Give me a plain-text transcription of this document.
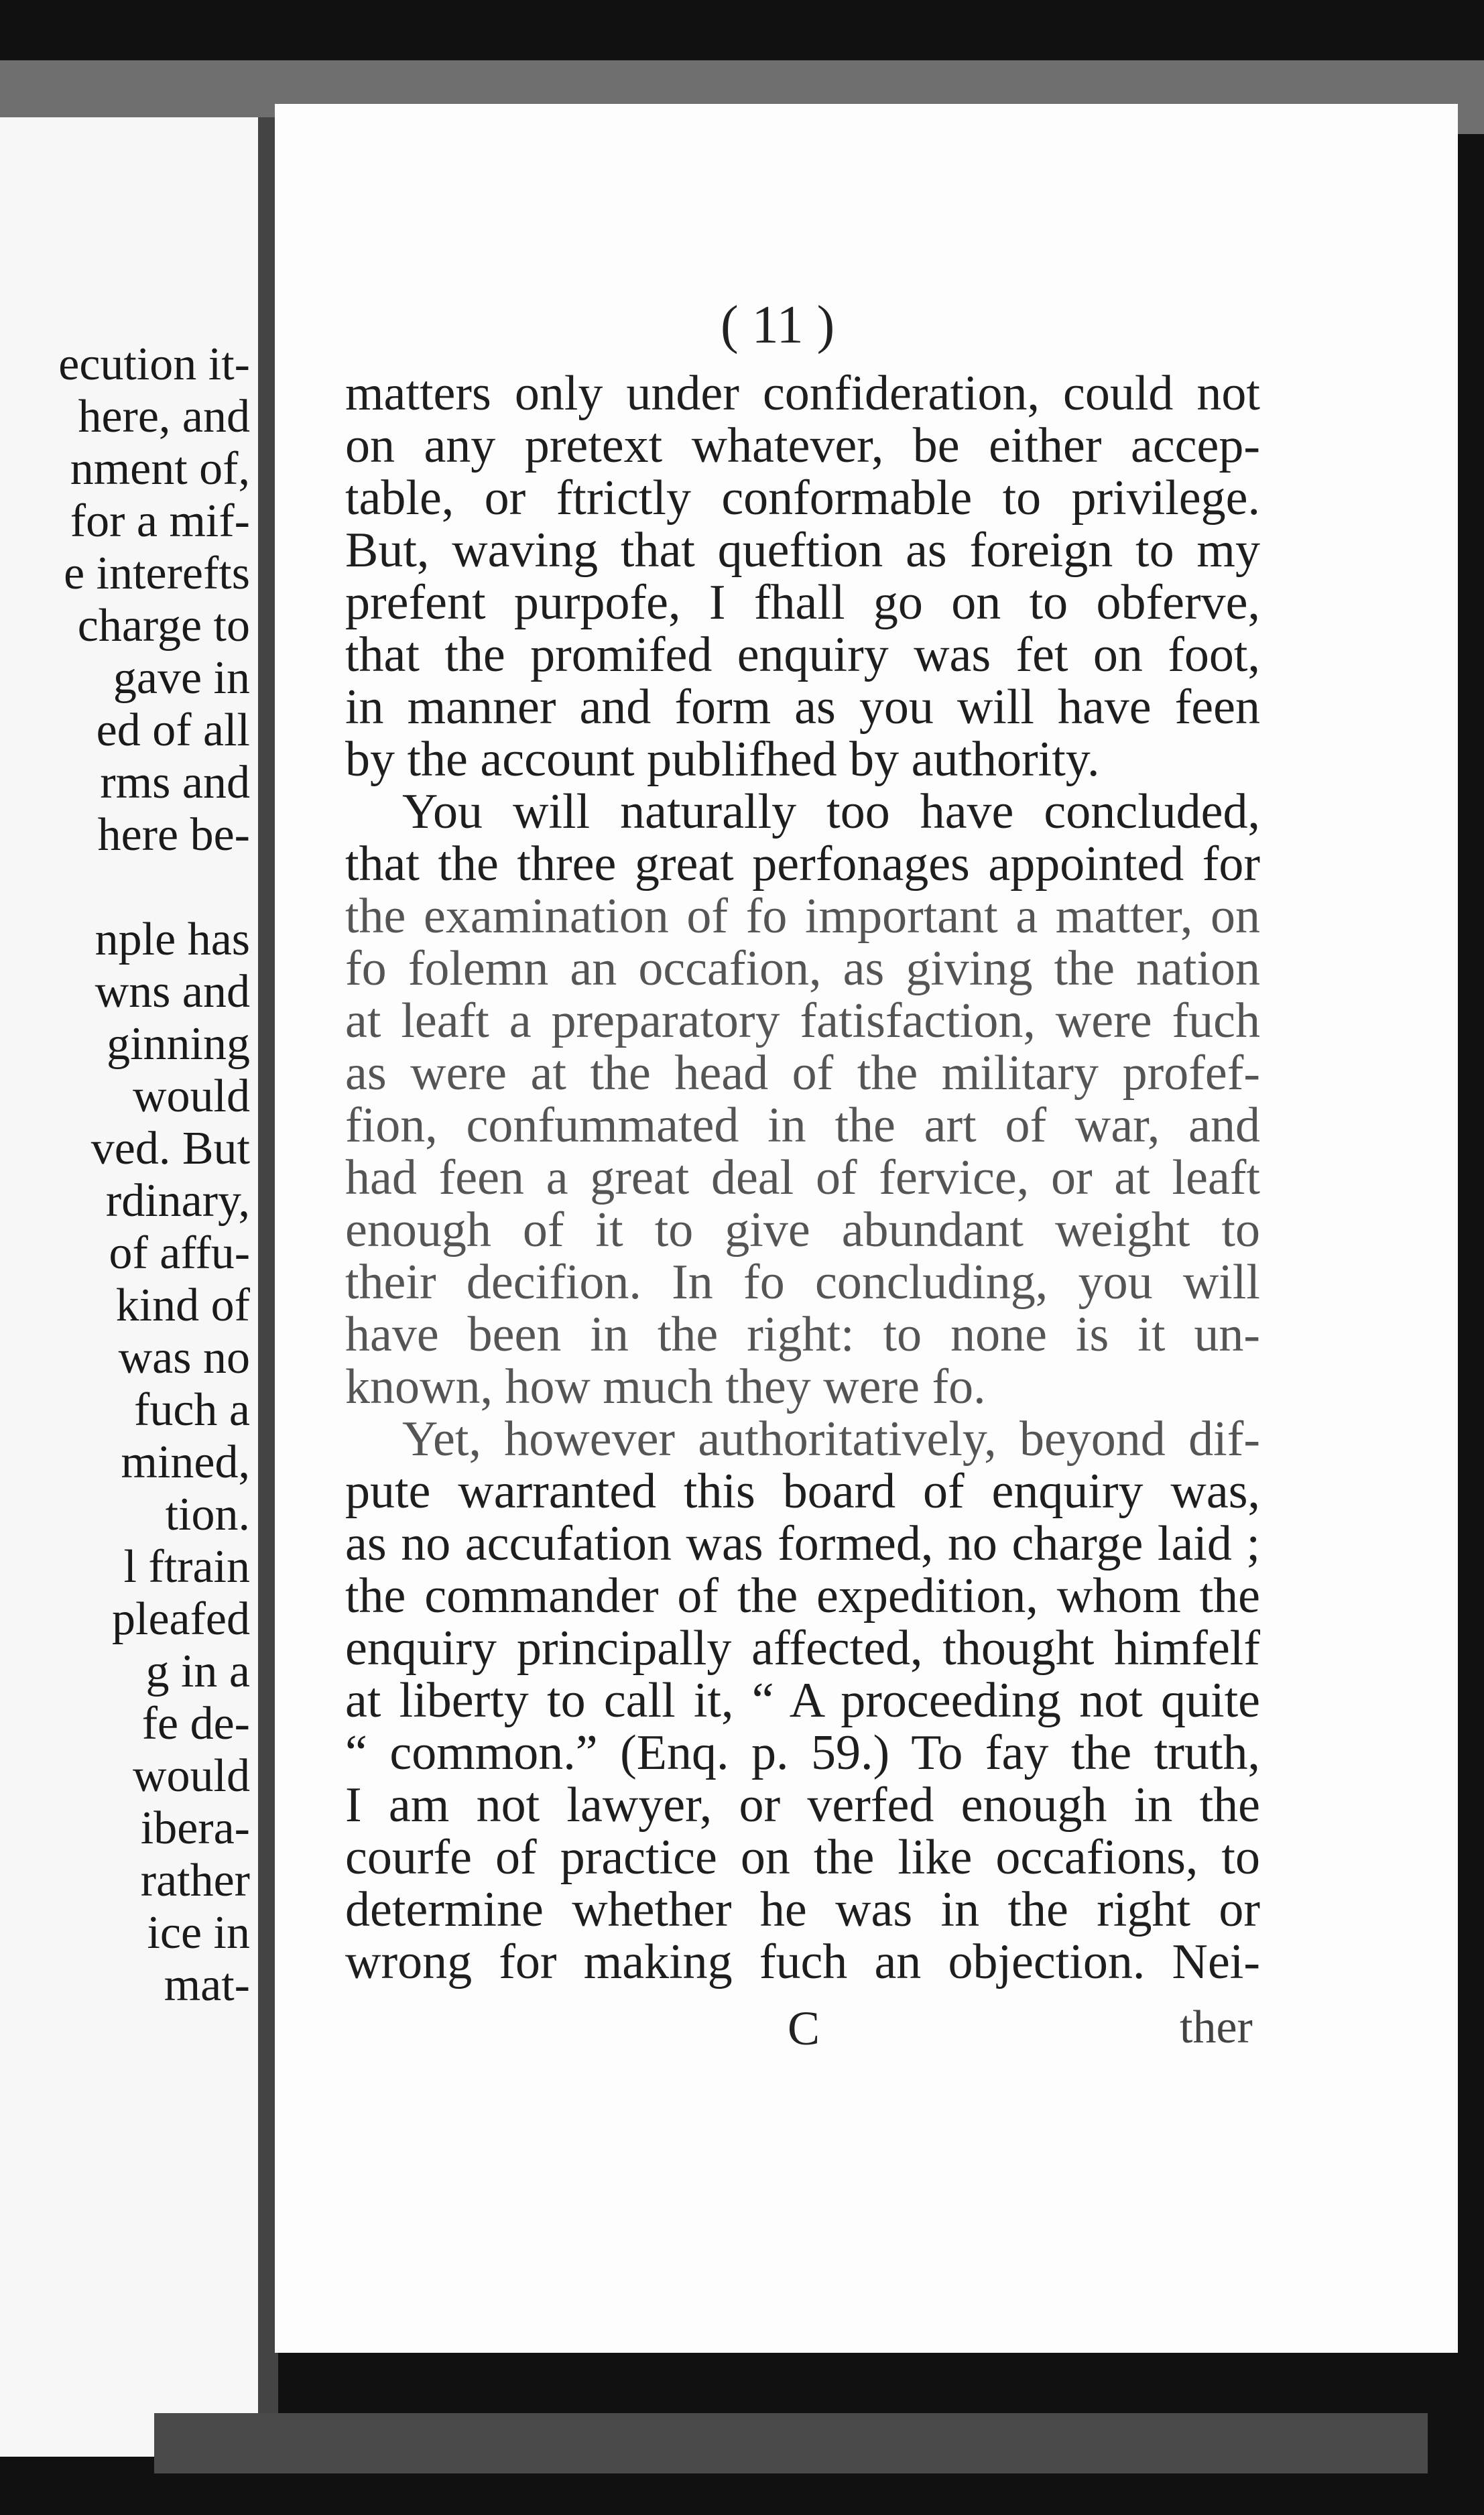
ecution it-
here, and
nment of,
for a mif-
e interefts
charge to
gave in
ed of all
rms and
here be-
nple has
wns and
ginning
would
ved. But
rdinary,
of affu-
kind of
was no
fuch a
mined,
tion.
l ftrain
pleafed
g in a
fe de-
would
ibera-
rather
ice in
mat-
( 11 )
matters only under confideration, could not
on any pretext whatever, be either accep-
table, or ftrictly conformable to privilege.
But, waving that queftion as foreign to my
prefent purpofe, I fhall go on to obferve,
that the promifed enquiry was fet on foot,
in manner and form as you will have feen
by the account publifhed by authority.
You will naturally too have concluded,
that the three great perfonages appointed for
the examination of fo important a matter, on
fo folemn an occafion, as giving the nation
at leaft a preparatory fatisfaction, were fuch
as were at the head of the military profef-
fion, confummated in the art of war, and
had feen a great deal of fervice, or at leaft
enough of it to give abundant weight to
their decifion. In fo concluding, you will
have been in the right: to none is it un-
known, how much they were fo.
Yet, however authoritatively, beyond dif-
pute warranted this board of enquiry was,
as no accufation was formed, no charge laid ;
the commander of the expedition, whom the
enquiry principally affected, thought himfelf
at liberty to call it, “ A proceeding not quite
“ common.” (Enq. p. 59.) To fay the truth,
I am not lawyer, or verfed enough in the
courfe of practice on the like occafions, to
determine whether he was in the right or
wrong for making fuch an objection. Nei-
C	ther
